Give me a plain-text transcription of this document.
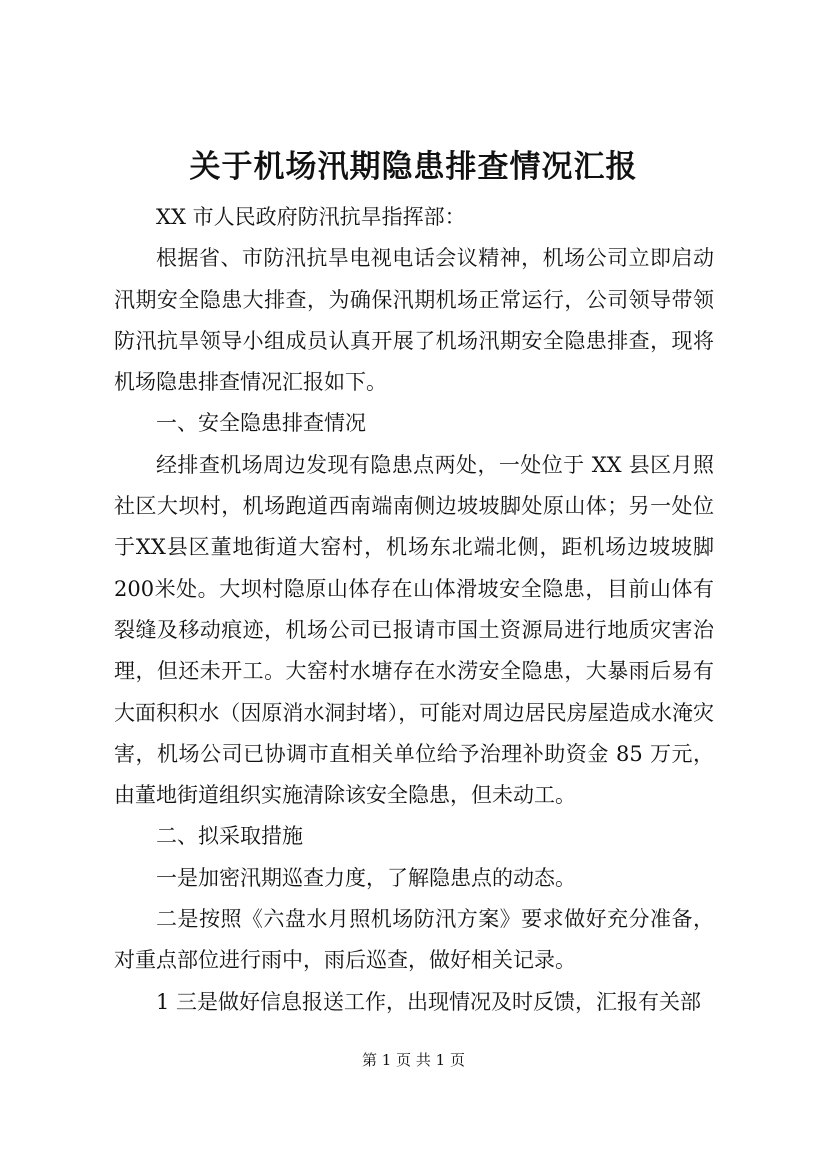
关于机场汛期隐患排查情况汇报

XX 市人民政府防汛抗旱指挥部：

根据省、市防汛抗旱电视电话会议精神，机场公司立即启动汛期安全隐患大排查，为确保汛期机场正常运行，公司领导带领防汛抗旱领导小组成员认真开展了机场汛期安全隐患排查，现将机场隐患排查情况汇报如下。

一、安全隐患排查情况

经排查机场周边发现有隐患点两处，一处位于 XX 县区月照社区大坝村，机场跑道西南端南侧边坡坡脚处原山体；另一处位于XX县区董地街道大窑村，机场东北端北侧，距机场边坡坡脚200米处。大坝村隐原山体存在山体滑坡安全隐患，目前山体有裂缝及移动痕迹，机场公司已报请市国土资源局进行地质灾害治理，但还未开工。大窑村水塘存在水涝安全隐患，大暴雨后易有大面积积水（因原消水洞封堵），可能对周边居民房屋造成水淹灾害，机场公司已协调市直相关单位给予治理补助资金 85 万元，由董地街道组织实施清除该安全隐患，但未动工。

二、拟采取措施

一是加密汛期巡查力度，了解隐患点的动态。

二是按照《六盘水月照机场防汛方案》要求做好充分准备，对重点部位进行雨中，雨后巡查，做好相关记录。

1 三是做好信息报送工作，出现情况及时反馈，汇报有关部

第 1 页 共 1 页
